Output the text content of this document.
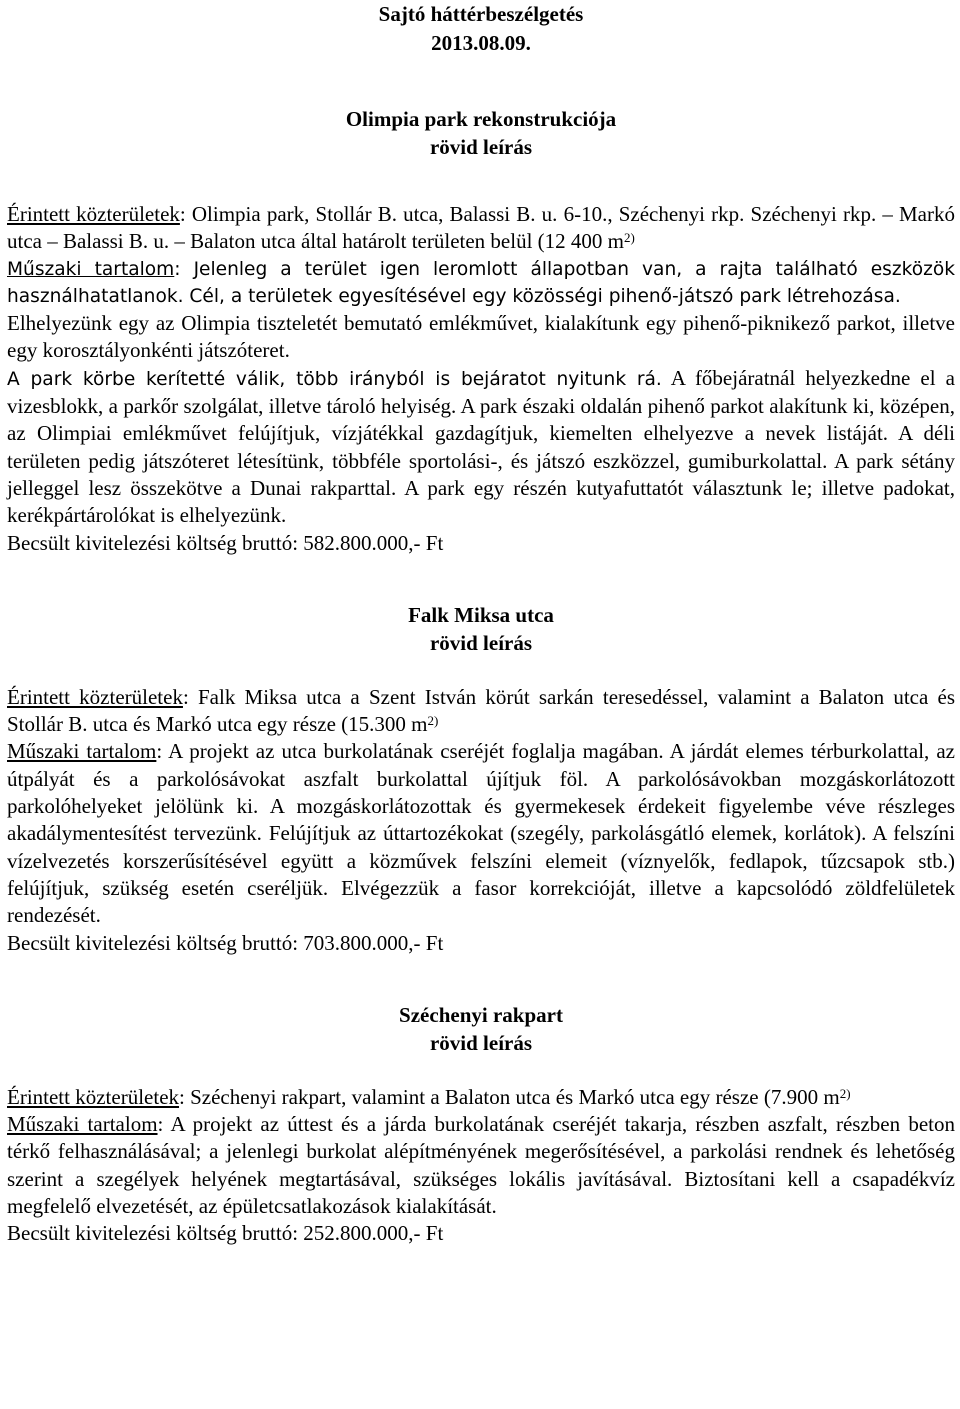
Sajtó háttérbeszélgetés
2013.08.09.
Olimpia park rekonstrukciója
rövid leírás

Érintett közterületek: Olimpia park, Stollár B. utca, Balassi B. u. 6-10., Széchenyi rkp. Széchenyi rkp. – Markó utca – Balassi B. u. – Balaton utca által határolt területen belül (12 400 $m^{2)}$

Műszaki tartalom: Jelenleg a terület igen leromlott állapotban van, a rajta található eszközök használhatatlanok. Cél, a területek egyesítésével egy közösségi pihenő-játszó park létrehozása.

Elhelyezünk egy az Olimpia tiszteletét bemutató emlékművet, kialakítunk egy pihenő-piknikező parkot, illetve egy korosztályonkénti játszóteret.

A park körbe kerítetté válik, több irányból is bejáratot nyitunk rá. A főbejáratnál helyezkedne el a vizesblokk, a parkőr szolgálat, illetve tároló helyiség. A park északi oldalán pihenő parkot alakítunk ki, középen, az Olimpiai emlékművet felújítjuk, vízjátékkal gazdagítjuk, kiemelten elhelyezve a nevek listáját. A déli területen pedig játszóteret létesítünk, többféle sportolási-, és játszó eszközzel, gumiburkolattal. A park sétány jelleggel lesz összekötve a Dunai rakparttal. A park egy részén kutyafuttatót választunk le; illetve padokat, kerékpártárolókat is elhelyezünk.

Becsült kivitelezési költség bruttó: 582.800.000,- Ft

Falk Miksa utca
rövid leírás

Érintett közterületek: Falk Miksa utca a Szent István körút sarkán teresedéssel, valamint a Balaton utca és Stollár B. utca és Markó utca egy része (15.300 $m^{2)}$

Műszaki tartalom: A projekt az utca burkolatának cseréjét foglalja magában. A járdát elemes térburkolattal, az útpályát és a parkolósávokat aszfalt burkolattal újítjuk föl. A parkolósávokban mozgáskorlátozott parkolóhelyeket jelölünk ki. A mozgáskorlátozottak és gyermekesek érdekeit figyelembe véve részleges akadálymentesítést tervezünk. Felújítjuk az úttartozékokat (szegély, parkolásgátló elemek, korlátok). A felszíni vízelvezetés korszerűsítésével együtt a közművek felszíni elemeit (víznyelők, fedlapok, tűzcsapok stb.) felújítjuk, szükség esetén cseréljük. Elvégezzük a fasor korrekcióját, illetve a kapcsolódó zöldfelületek rendezését.

Becsült kivitelezési költség bruttó: 703.800.000,- Ft

Széchenyi rakpart
rövid leírás

Érintett közterületek: Széchenyi rakpart, valamint a Balaton utca és Markó utca egy része (7.900 $m^{2)}$

Műszaki tartalom: A projekt az úttest és a járda burkolatának cseréjét takarja, részben aszfalt, részben beton térkő felhasználásával; a jelenlegi burkolat alépítményének megerősítésével, a parkolási rendnek és lehetőség szerint a szegélyek helyének megtartásával, szükséges lokális javításával. Biztosítani kell a csapadékvíz megfelelő elvezetését, az épületcsatlakozások kialakítását.

Becsült kivitelezési költség bruttó: 252.800.000,- Ft
